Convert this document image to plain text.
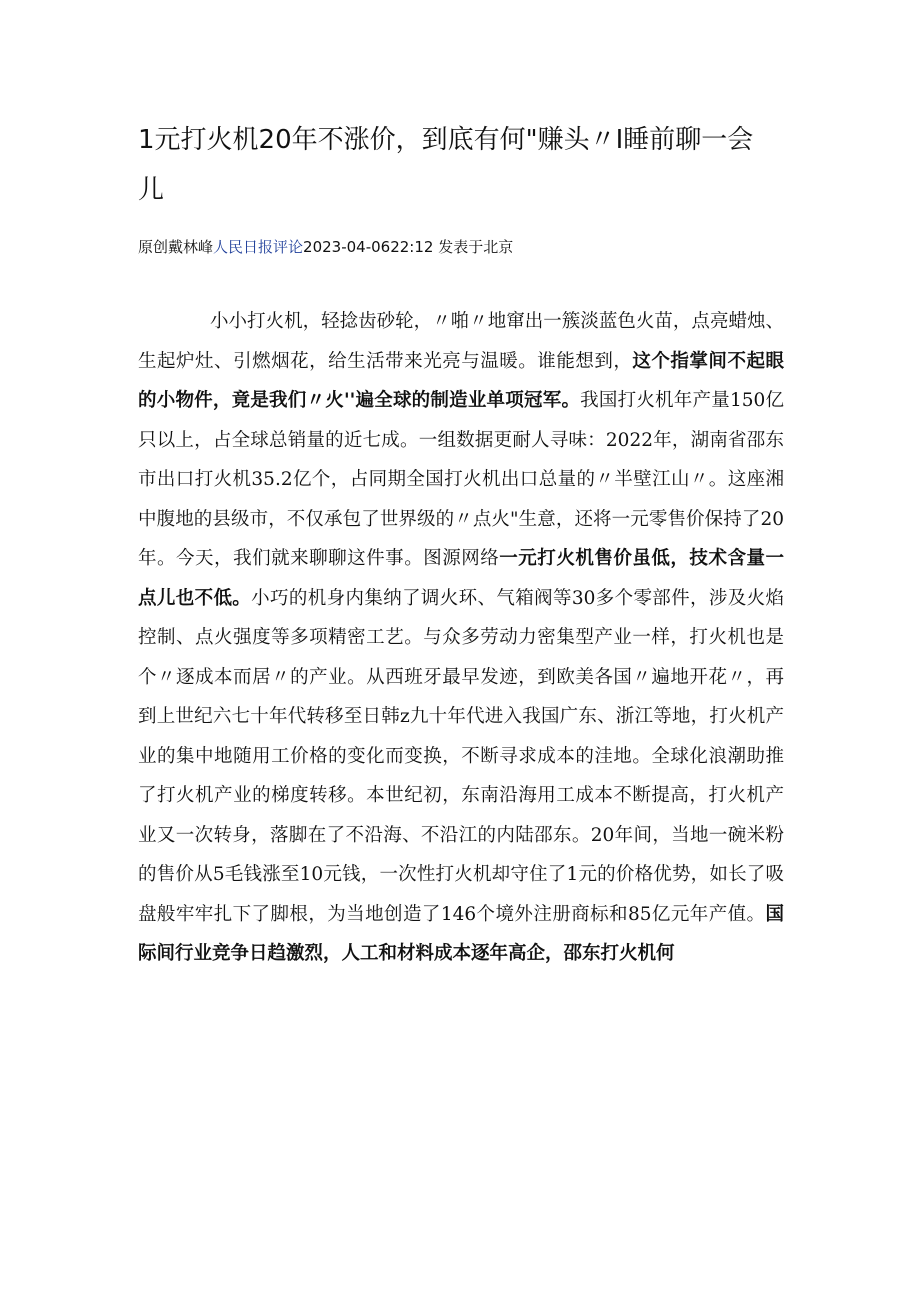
1元打火机20年不涨价，到底有何"赚头〃I睡前聊一会儿
原创戴林峰人民日报评论2023-04-0622:12 发表于北京

小小打火机，轻捻齿砂轮，〃啪〃地窜出一簇淡蓝色火苗，点亮蜡烛、生起炉灶、引燃烟花，给生活带来光亮与温暖。谁能想到，这个指掌间不起眼的小物件，竟是我们〃火''遍全球的制造业单项冠军。我国打火机年产量150亿只以上，占全球总销量的近七成。一组数据更耐人寻味：2022年，湖南省邵东市出口打火机35.2亿个，占同期全国打火机出口总量的〃半壁江山〃。这座湘中腹地的县级市，不仅承包了世界级的〃点火"生意，还将一元零售价保持了20年。今天，我们就来聊聊这件事。图源网络一元打火机售价虽低，技术含量一点儿也不低。小巧的机身内集纳了调火环、气箱阀等30多个零部件，涉及火焰控制、点火强度等多项精密工艺。与众多劳动力密集型产业一样，打火机也是个〃逐成本而居〃的产业。从西班牙最早发迹，到欧美各国〃遍地开花〃，再到上世纪六七十年代转移至日韩z九十年代进入我国广东、浙江等地，打火机产业的集中地随用工价格的变化而变换，不断寻求成本的洼地。全球化浪潮助推了打火机产业的梯度转移。本世纪初，东南沿海用工成本不断提高，打火机产业又一次转身，落脚在了不沿海、不沿江的内陆邵东。20年间，当地一碗米粉的售价从5毛钱涨至10元钱，一次性打火机却守住了1元的价格优势，如长了吸盘般牢牢扎下了脚根，为当地创造了146个境外注册商标和85亿元年产值。国际间行业竞争日趋激烈，人工和材料成本逐年高企，邵东打火机何
